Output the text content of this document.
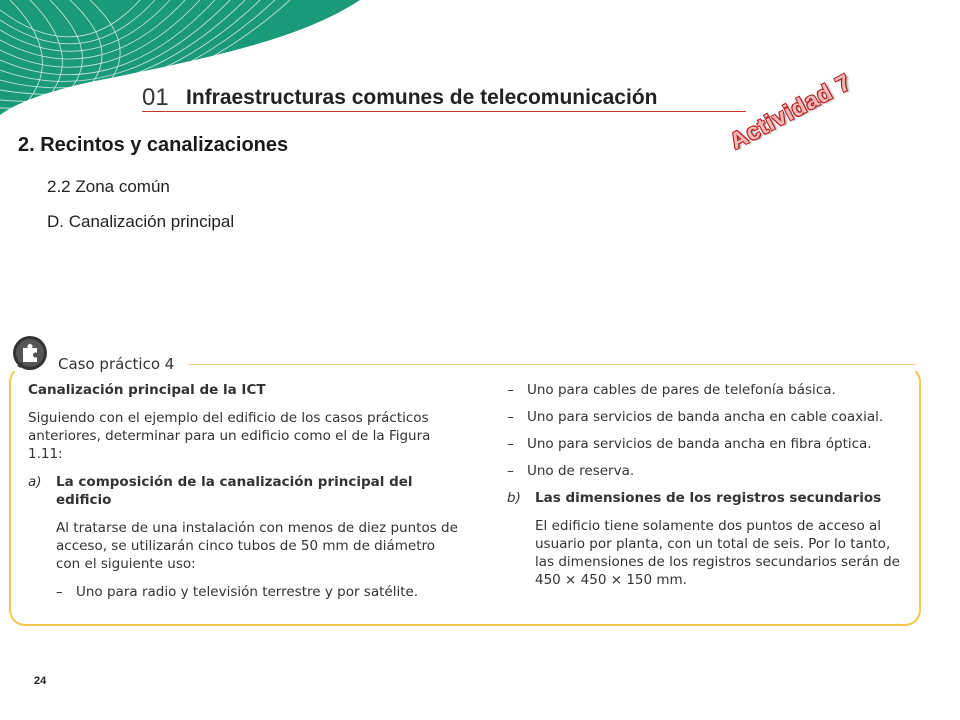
01 Infraestructuras comunes de telecomunicación
2. Recintos y canalizaciones
2.2 Zona común
D. Canalización principal
Actividad 7
Caso práctico 4
Canalización principal de la ICT
Siguiendo con el ejemplo del edificio de los casos prácticos anteriores, determinar para un edificio como el de la Figura 1.11:
a) La composición de la canalización principal del edificio
Al tratarse de una instalación con menos de diez puntos de acceso, se utilizarán cinco tubos de 50 mm de diámetro con el siguiente uso:
– Uno para radio y televisión terrestre y por satélite.
– Uno para cables de pares de telefonía básica.
– Uno para servicios de banda ancha en cable coaxial.
– Uno para servicios de banda ancha en fibra óptica.
– Uno de reserva.
b) Las dimensiones de los registros secundarios
El edificio tiene solamente dos puntos de acceso al usuario por planta, con un total de seis. Por lo tanto, las dimensiones de los registros secundarios serán de 450 × 450 × 150 mm.
24
